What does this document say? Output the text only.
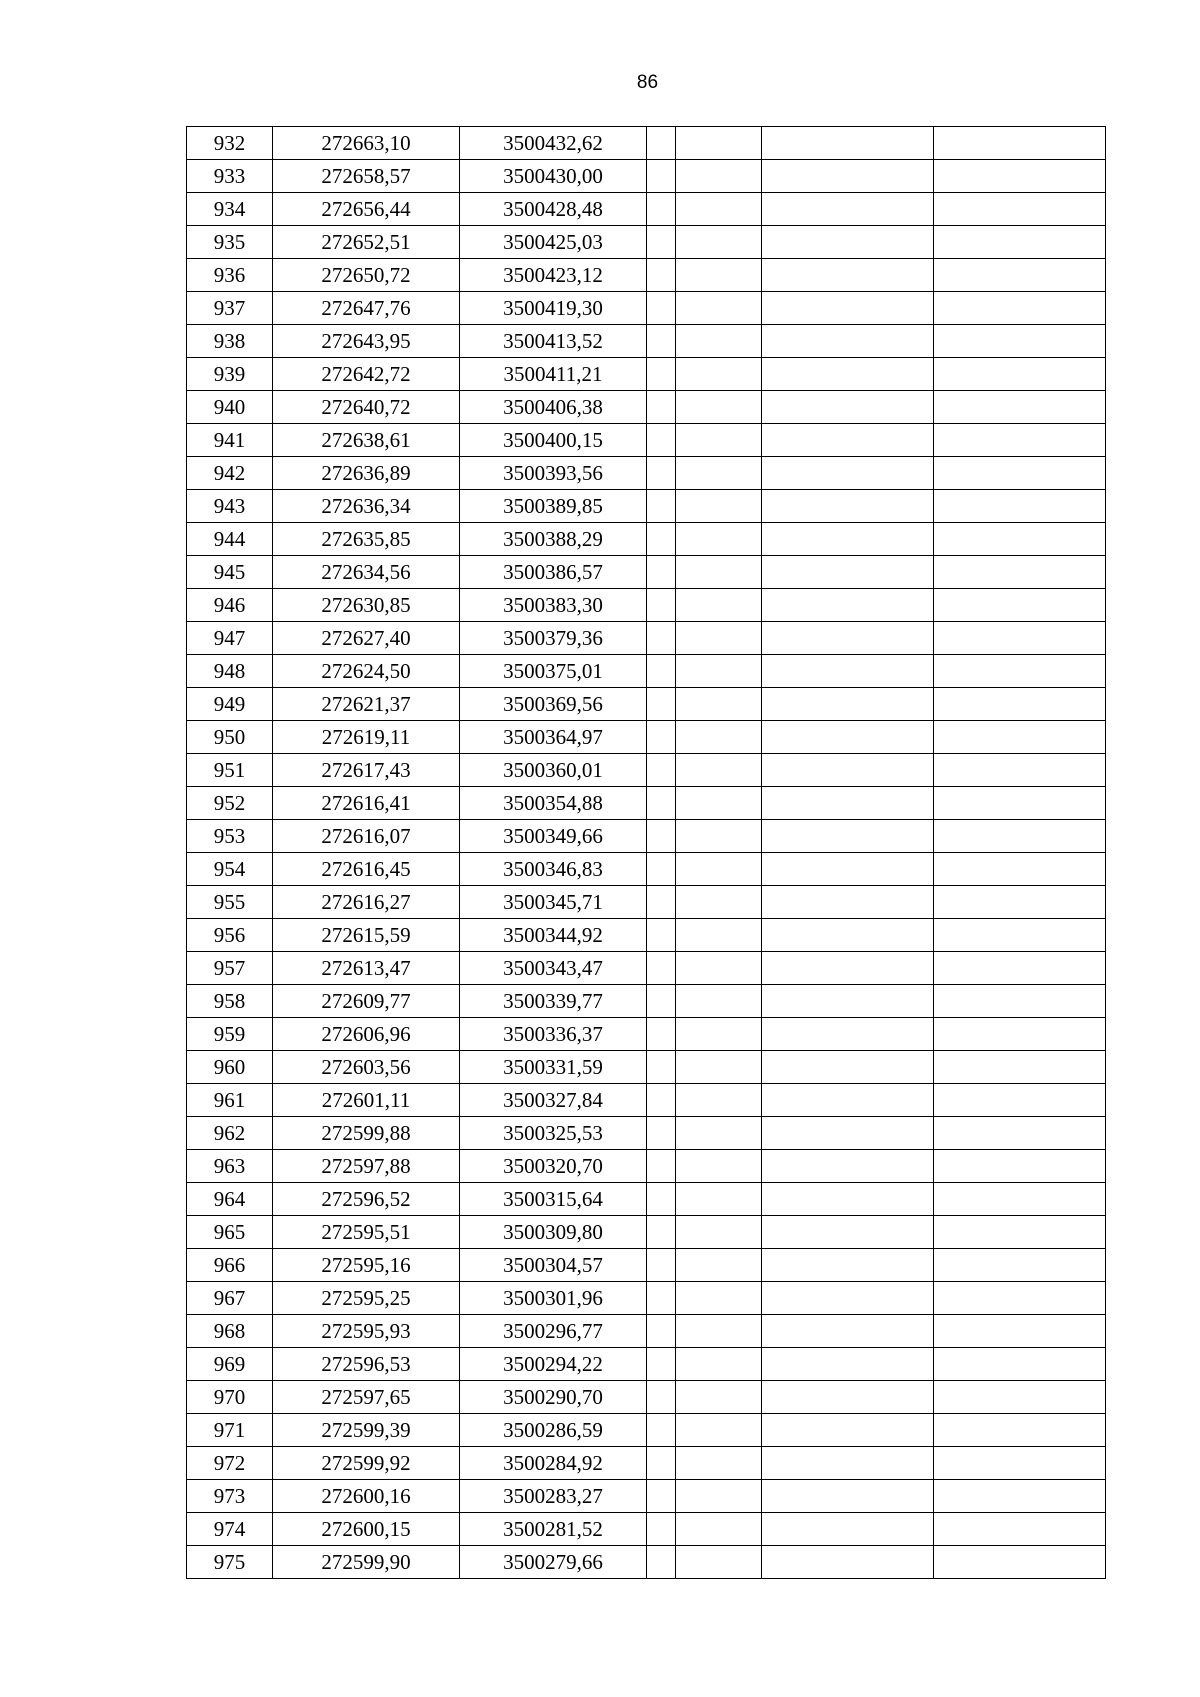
86
932	272663,10	3500432,62				
933	272658,57	3500430,00				
934	272656,44	3500428,48				
935	272652,51	3500425,03				
936	272650,72	3500423,12				
937	272647,76	3500419,30				
938	272643,95	3500413,52				
939	272642,72	3500411,21				
940	272640,72	3500406,38				
941	272638,61	3500400,15				
942	272636,89	3500393,56				
943	272636,34	3500389,85				
944	272635,85	3500388,29				
945	272634,56	3500386,57				
946	272630,85	3500383,30				
947	272627,40	3500379,36				
948	272624,50	3500375,01				
949	272621,37	3500369,56				
950	272619,11	3500364,97				
951	272617,43	3500360,01				
952	272616,41	3500354,88				
953	272616,07	3500349,66				
954	272616,45	3500346,83				
955	272616,27	3500345,71				
956	272615,59	3500344,92				
957	272613,47	3500343,47				
958	272609,77	3500339,77				
959	272606,96	3500336,37				
960	272603,56	3500331,59				
961	272601,11	3500327,84				
962	272599,88	3500325,53				
963	272597,88	3500320,70				
964	272596,52	3500315,64				
965	272595,51	3500309,80				
966	272595,16	3500304,57				
967	272595,25	3500301,96				
968	272595,93	3500296,77				
969	272596,53	3500294,22				
970	272597,65	3500290,70				
971	272599,39	3500286,59				
972	272599,92	3500284,92				
973	272600,16	3500283,27				
974	272600,15	3500281,52				
975	272599,90	3500279,66				
